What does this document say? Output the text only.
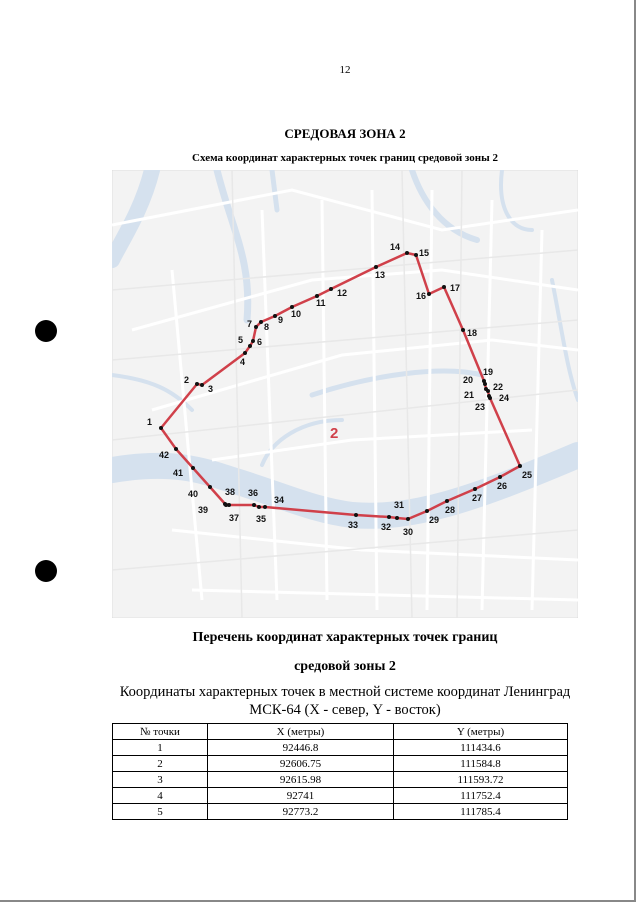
12
СРЕДОВАЯ ЗОНА 2
Схема координат характерных точек границ средовой зоны 2
1
2
3
4
5 6
7 8
9
10
11
12
13
14
15
16
17
18
19
20
21
22
23
24
25
26
27
28
29
30
31
32
33
34
35
36
37
38
39
40
41
42
2
Перечень координат характерных точек границ
средовой зоны 2
Координаты характерных точек в местной системе координат Ленинград
МСК-64 (X - север, Y - восток)
№ точки	X (метры)	Y (метры)
1	92446.8	111434.6
2	92606.75	111584.8
3	92615.98	111593.72
4	92741	111752.4
5	92773.2	111785.4
